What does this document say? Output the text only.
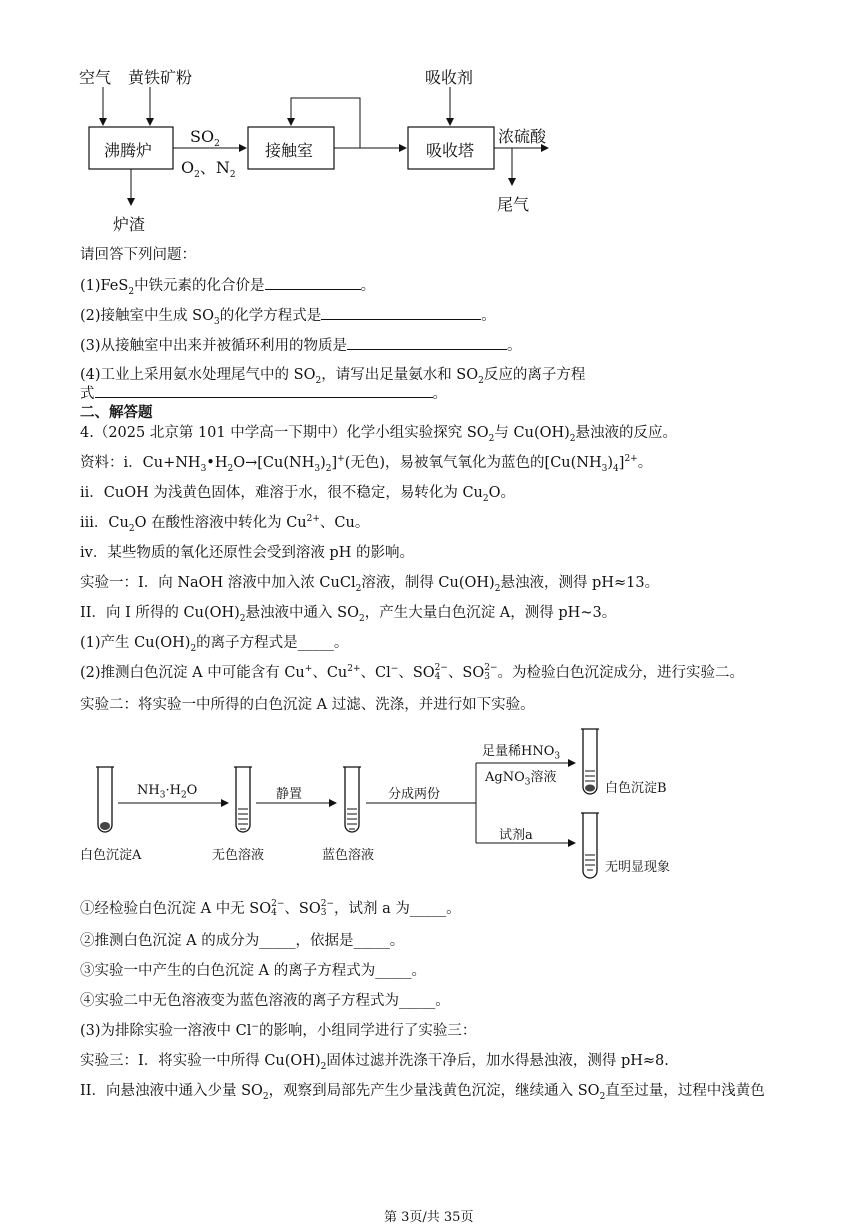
空气 黄铁矿粉	吸收剂
沸腾炉	接触室	吸收塔
浓硫酸
炉渣
尾气
$SO_2$
$O_2$、$N_2$
请回答下列问题：
(1)FeS$_2$中铁元素的化合价是	。
(2)接触室中生成 $SO_3$的化学方程式是	。
(3)从接触室中出来并被循环利用的物质是	。
(4)工业上采用氨水处理尾气中的 $SO_2$，请写出足量氨水和 $SO_2$反应的离子方程
式	。
二、解答题
4.（2025 北京第 101 中学高一下期中）化学小组实验探究 $SO_2$与 $Cu(OH)_2$悬浊液的反应。
资料：i．$Cu+NH_3•H_2O\to[Cu(NH_3)_2]^+$(无色)，易被氧气氧化为蓝色的$[Cu(NH_3)_4]^{2+}$。
ii．CuOH 为浅黄色固体，难溶于水，很不稳定，易转化为 $Cu_2O$。
iii．$Cu_2O$ 在酸性溶液中转化为 $Cu^{2+}$、Cu。
iv．某些物质的氧化还原性会受到溶液 pH 的影响。
实验一：I．向 NaOH 溶液中加入浓 CuCl$_2$溶液，制得 $Cu(OH)_2$悬浊液，测得 pH≈13。
II．向 I 所得的 $Cu(OH)_2$悬浊液中通入 $SO_2$，产生大量白色沉淀 A，测得 pH~3。
(1)产生 $Cu(OH)_2$的离子方程式是_____。
(2)推测白色沉淀 A 中可能含有 Cu+、$Cu^{2+}$、Cl−、SO 2−
4 、SO 2−
3 。为检验白色沉淀成分，进行实验二。
实验二：将实验一中所得的白色沉淀 A 过滤、洗涤，并进行如下实验。
$NH_3\cdot H_2O$	静置	分成两份
足量稀$HNO_3$
AgNO$_3$溶液
试剂a
白色沉淀A	无色溶液	蓝色溶液
白色沉淀B
无明显现象
①经检验白色沉淀 A 中无 SO 2−
4 、SO 2−
3 ，试剂 a 为_____。
②推测白色沉淀 A 的成分为_____，依据是_____。
③实验一中产生的白色沉淀 A 的离子方程式为_____。
④实验二中无色溶液变为蓝色溶液的离子方程式为_____。
(3)为排除实验一溶液中 Cl−的影响，小组同学进行了实验三：
实验三：I．将实验一中所得 $Cu(OH)_2$固体过滤并洗涤干净后，加水得悬浊液，测得 pH≈8.
II．向悬浊液中通入少量 $SO_2$，观察到局部先产生少量浅黄色沉淀，继续通入 $SO_2$直至过量，过程中浅黄色
第 3页/共 35页
